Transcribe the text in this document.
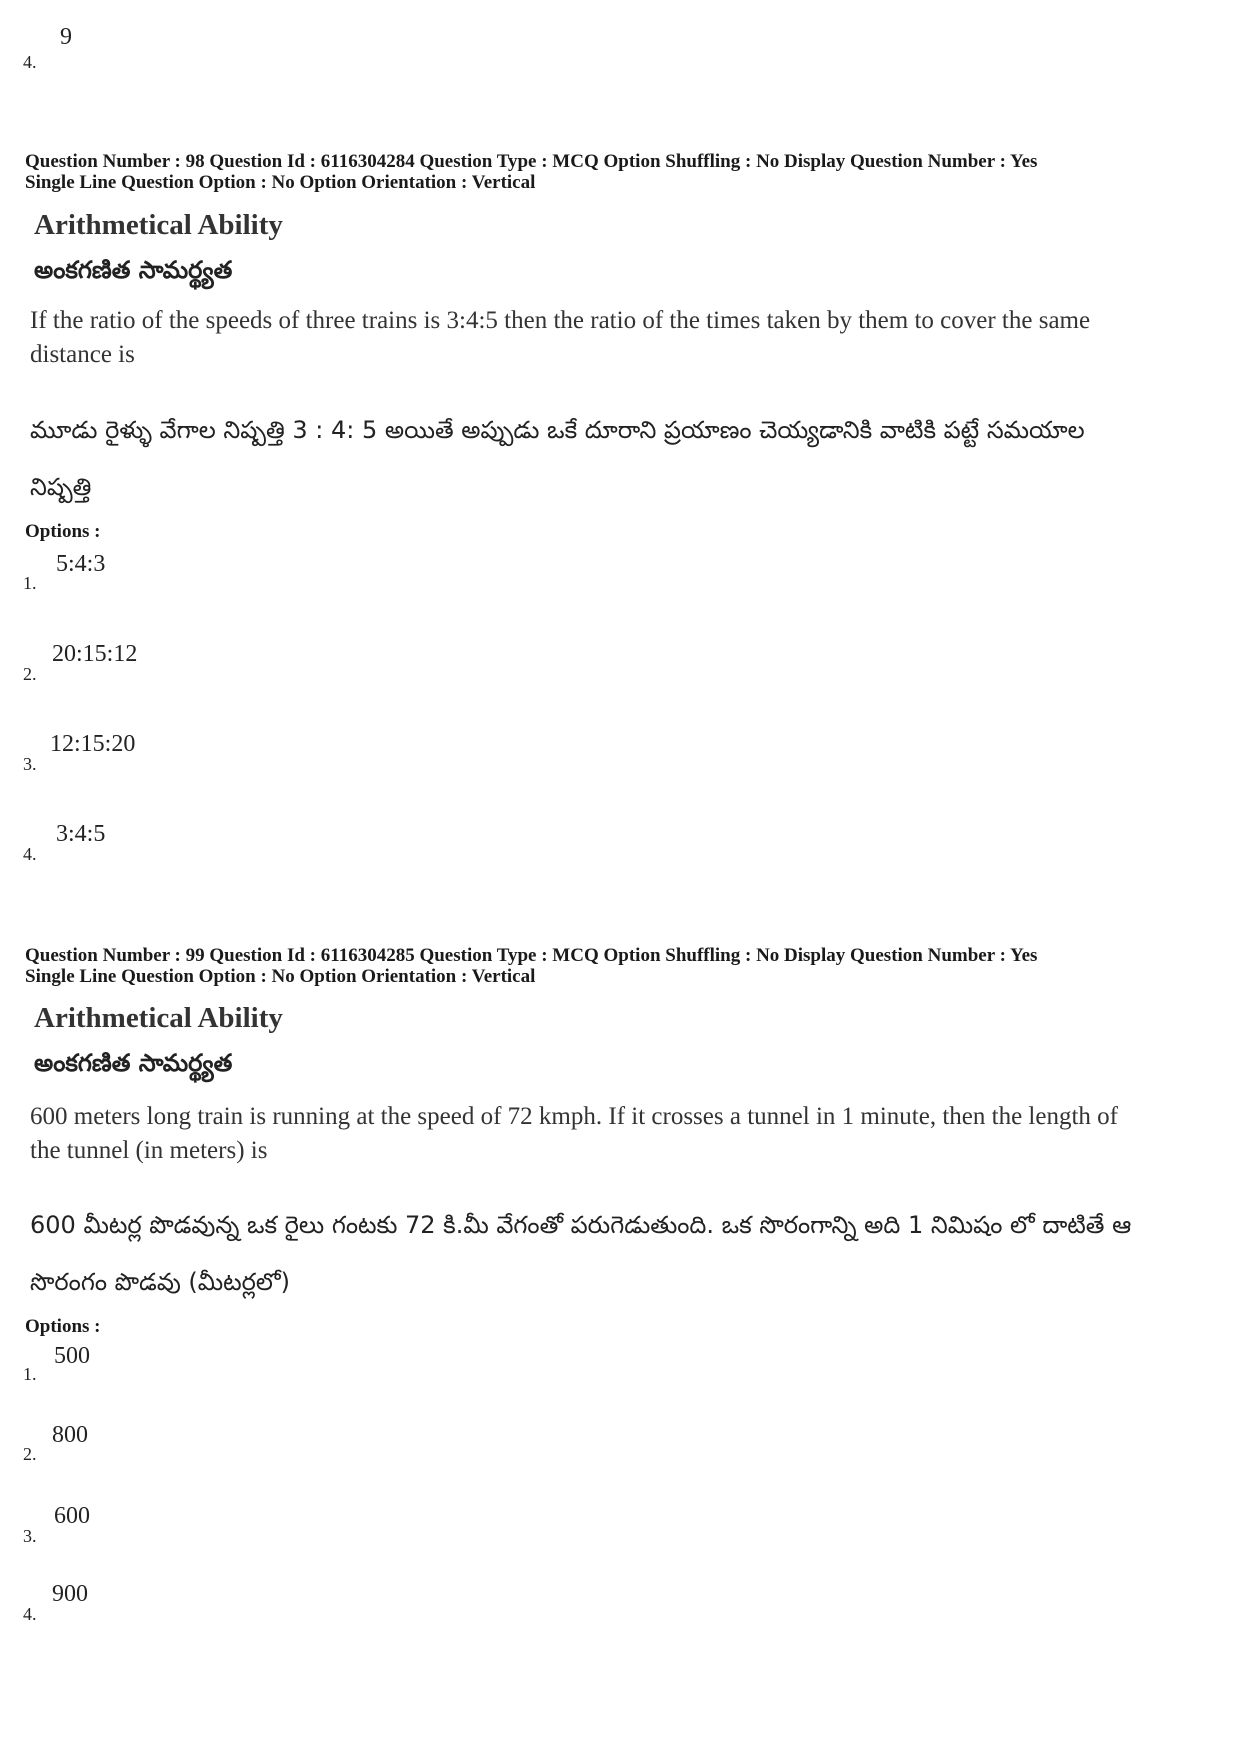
9
4.
Question Number : 98 Question Id : 6116304284 Question Type : MCQ Option Shuffling : No Display Question Number : Yes
Single Line Question Option : No Option Orientation : Vertical
Arithmetical Ability
అంకగణిత సామర్థ్యత
If the ratio of the speeds of three trains is 3:4:5 then the ratio of the times taken by them to cover the same distance is
మూడు రైళ్ళు వేగాల నిష్పత్తి 3 : 4: 5 అయితే అప్పుడు ఒకే దూరాని ప్రయాణం చెయ్యడానికి వాటికి పట్టే సమయాల నిష్పత్తి
Options :
1.
5:4:3
2.
20:15:12
3.
12:15:20
4.
3:4:5
Question Number : 99 Question Id : 6116304285 Question Type : MCQ Option Shuffling : No Display Question Number : Yes
Single Line Question Option : No Option Orientation : Vertical
Arithmetical Ability
అంకగణిత సామర్థ్యత
600 meters long train is running at the speed of 72 kmph. If it crosses a tunnel in 1 minute, then the length of the tunnel (in meters) is
600 మీటర్ల పొడవున్న ఒక రైలు గంటకు 72 కి.మీ వేగంతో పరుగెడుతుంది. ఒక సొరంగాన్ని అది 1 నిమిషం లో దాటితే ఆ సొరంగం పొడవు (మీటర్లలో)
Options :
1.
500
2.
800
3.
600
4.
900
